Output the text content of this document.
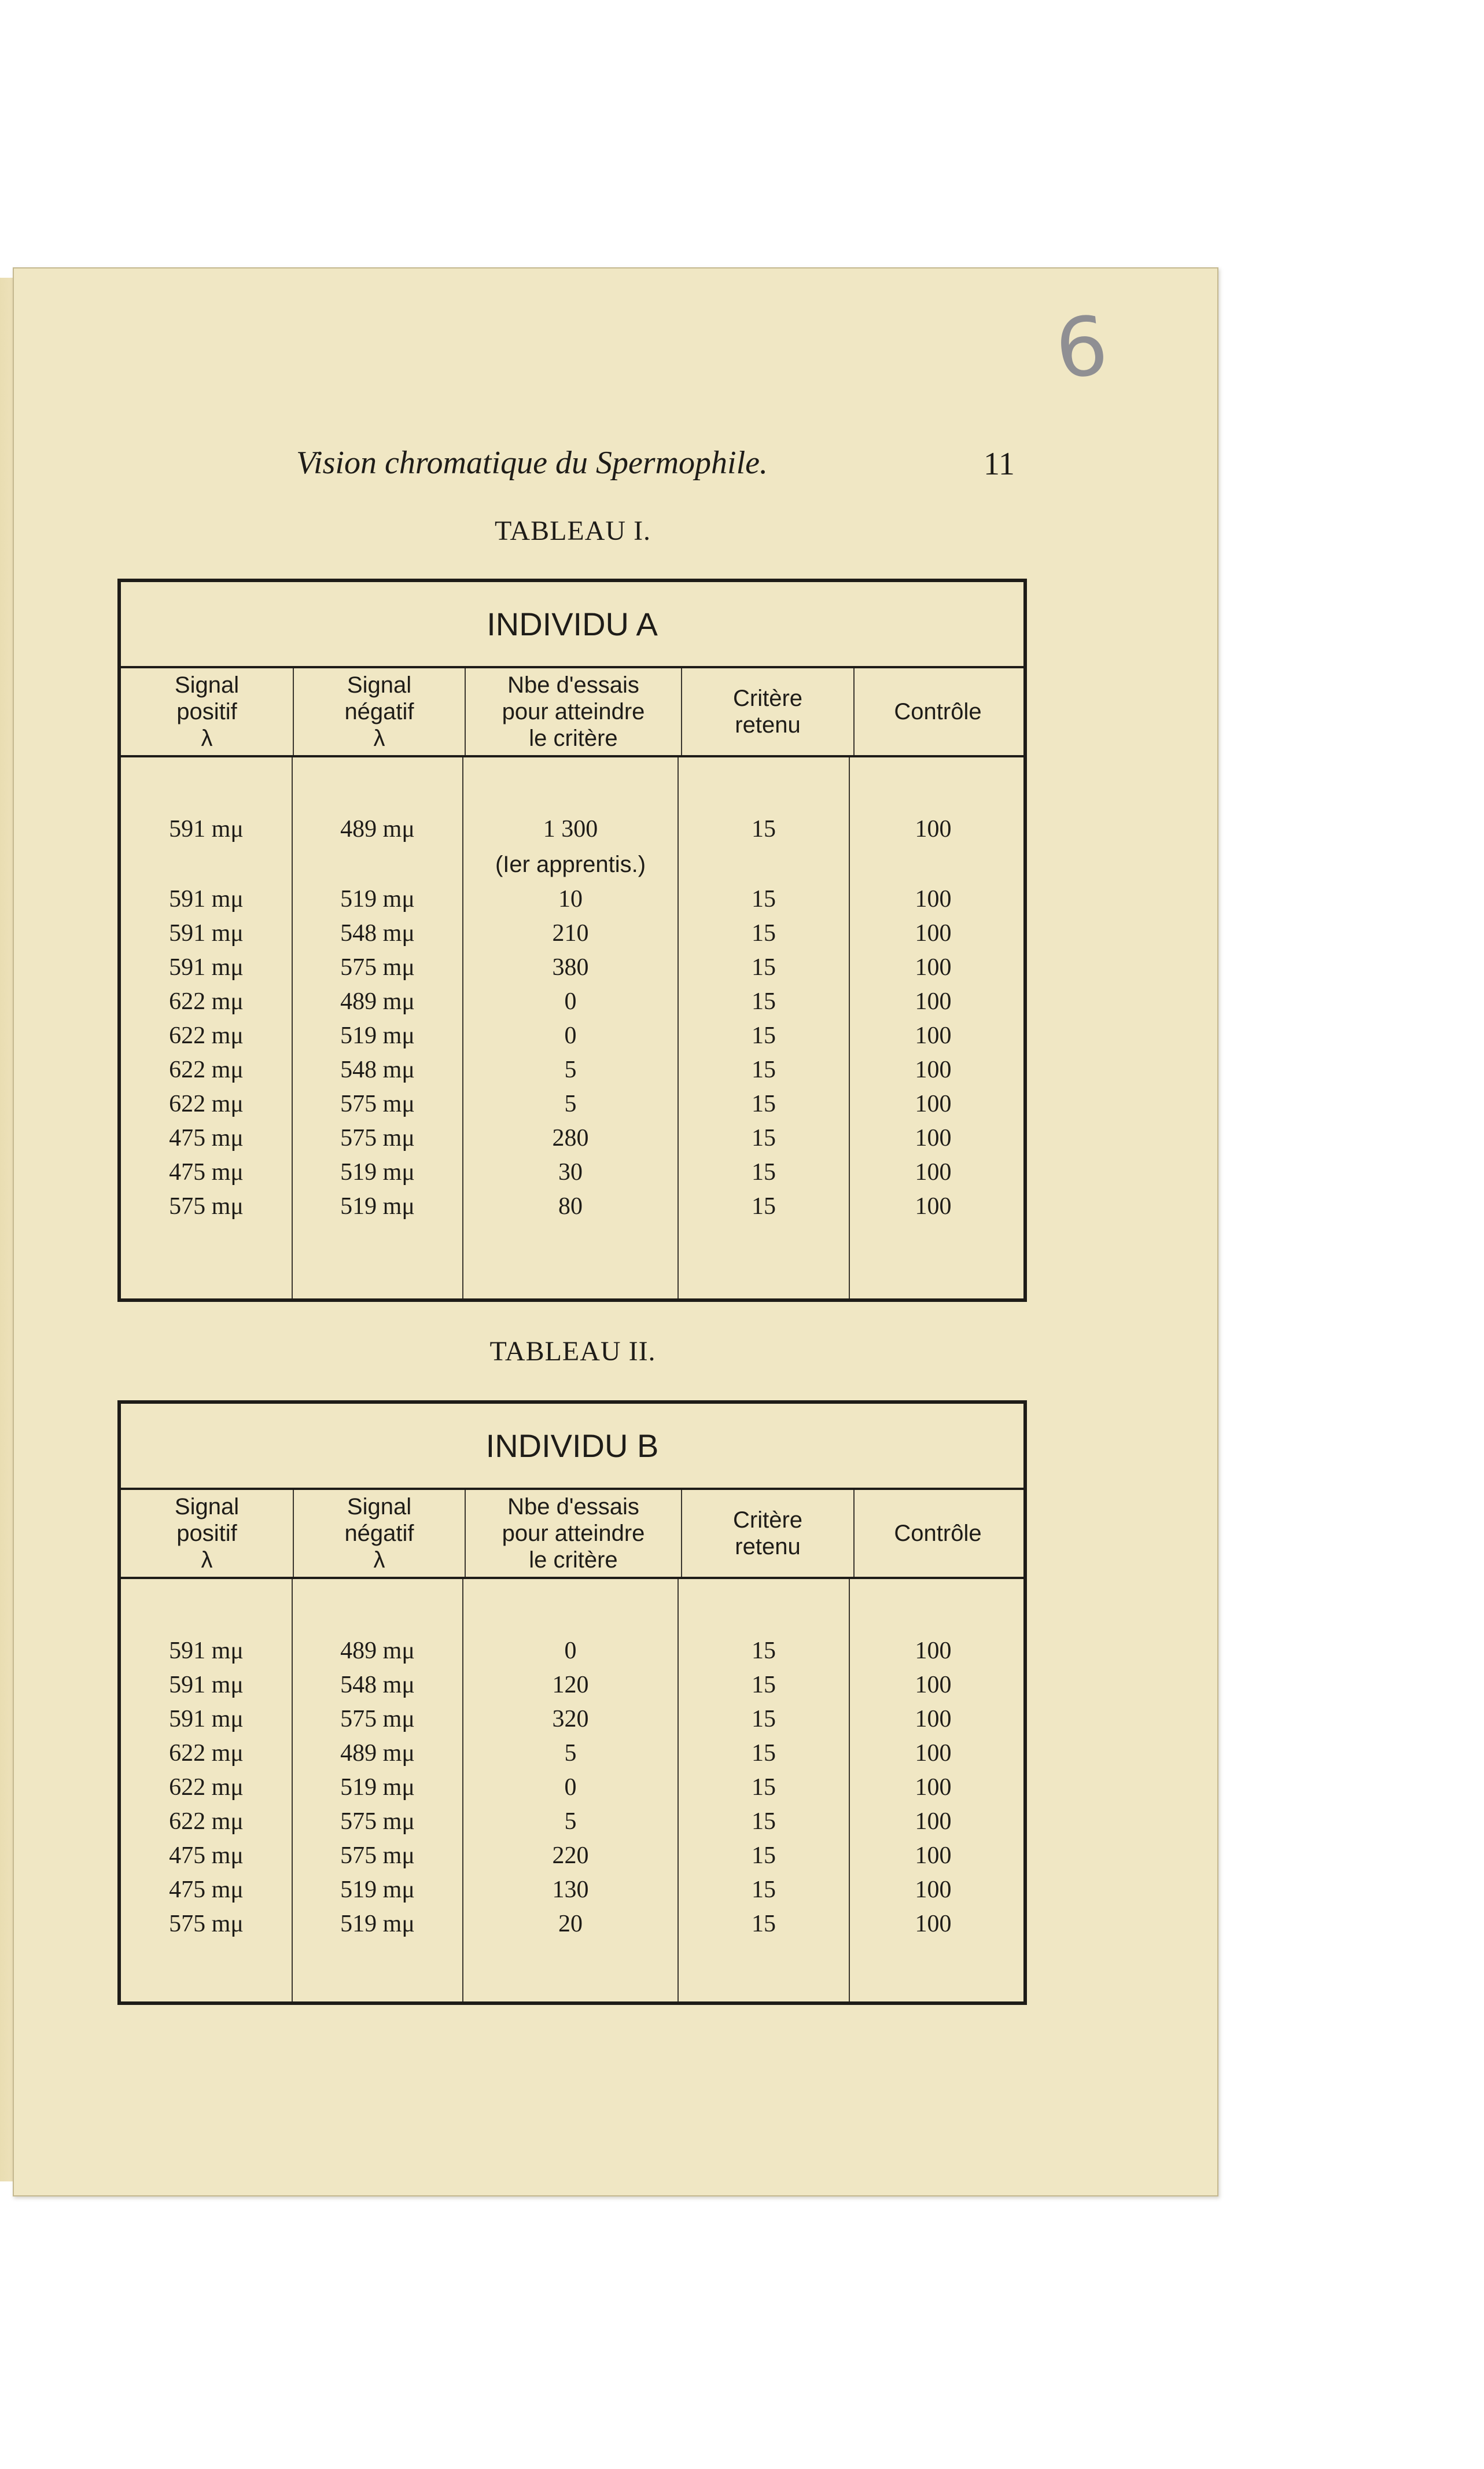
6
Vision chromatique du Spermophile.	11
TABLEAU I.
INDIVIDU A
Signal
positif
λ
Signal
négatif
λ
Nbe d'essais
pour atteindre
le critère
Critère
retenu
Contrôle
591 mμ
591 mμ
591 mμ
591 mμ
622 mμ
622 mμ
622 mμ
622 mμ
475 mμ
475 mμ
575 mμ
489 mμ
519 mμ
548 mμ
575 mμ
489 mμ
519 mμ
548 mμ
575 mμ
575 mμ
519 mμ
519 mμ
1 300
(Ier apprentis.)
10
210
380
0
0
5
5
280
30
80
15
15
15
15
15
15
15
15
15
15
15
100
100
100
100
100
100
100
100
100
100
100
TABLEAU II.
INDIVIDU B
Signal
positif
λ
Signal
négatif
λ
Nbe d'essais
pour atteindre
le critère
Critère
retenu
Contrôle
591 mμ
591 mμ
591 mμ
622 mμ
622 mμ
622 mμ
475 mμ
475 mμ
575 mμ
489 mμ
548 mμ
575 mμ
489 mμ
519 mμ
575 mμ
575 mμ
519 mμ
519 mμ
0
120
320
5
0
5
220
130
20
15
15
15
15
15
15
15
15
15
100
100
100
100
100
100
100
100
100
